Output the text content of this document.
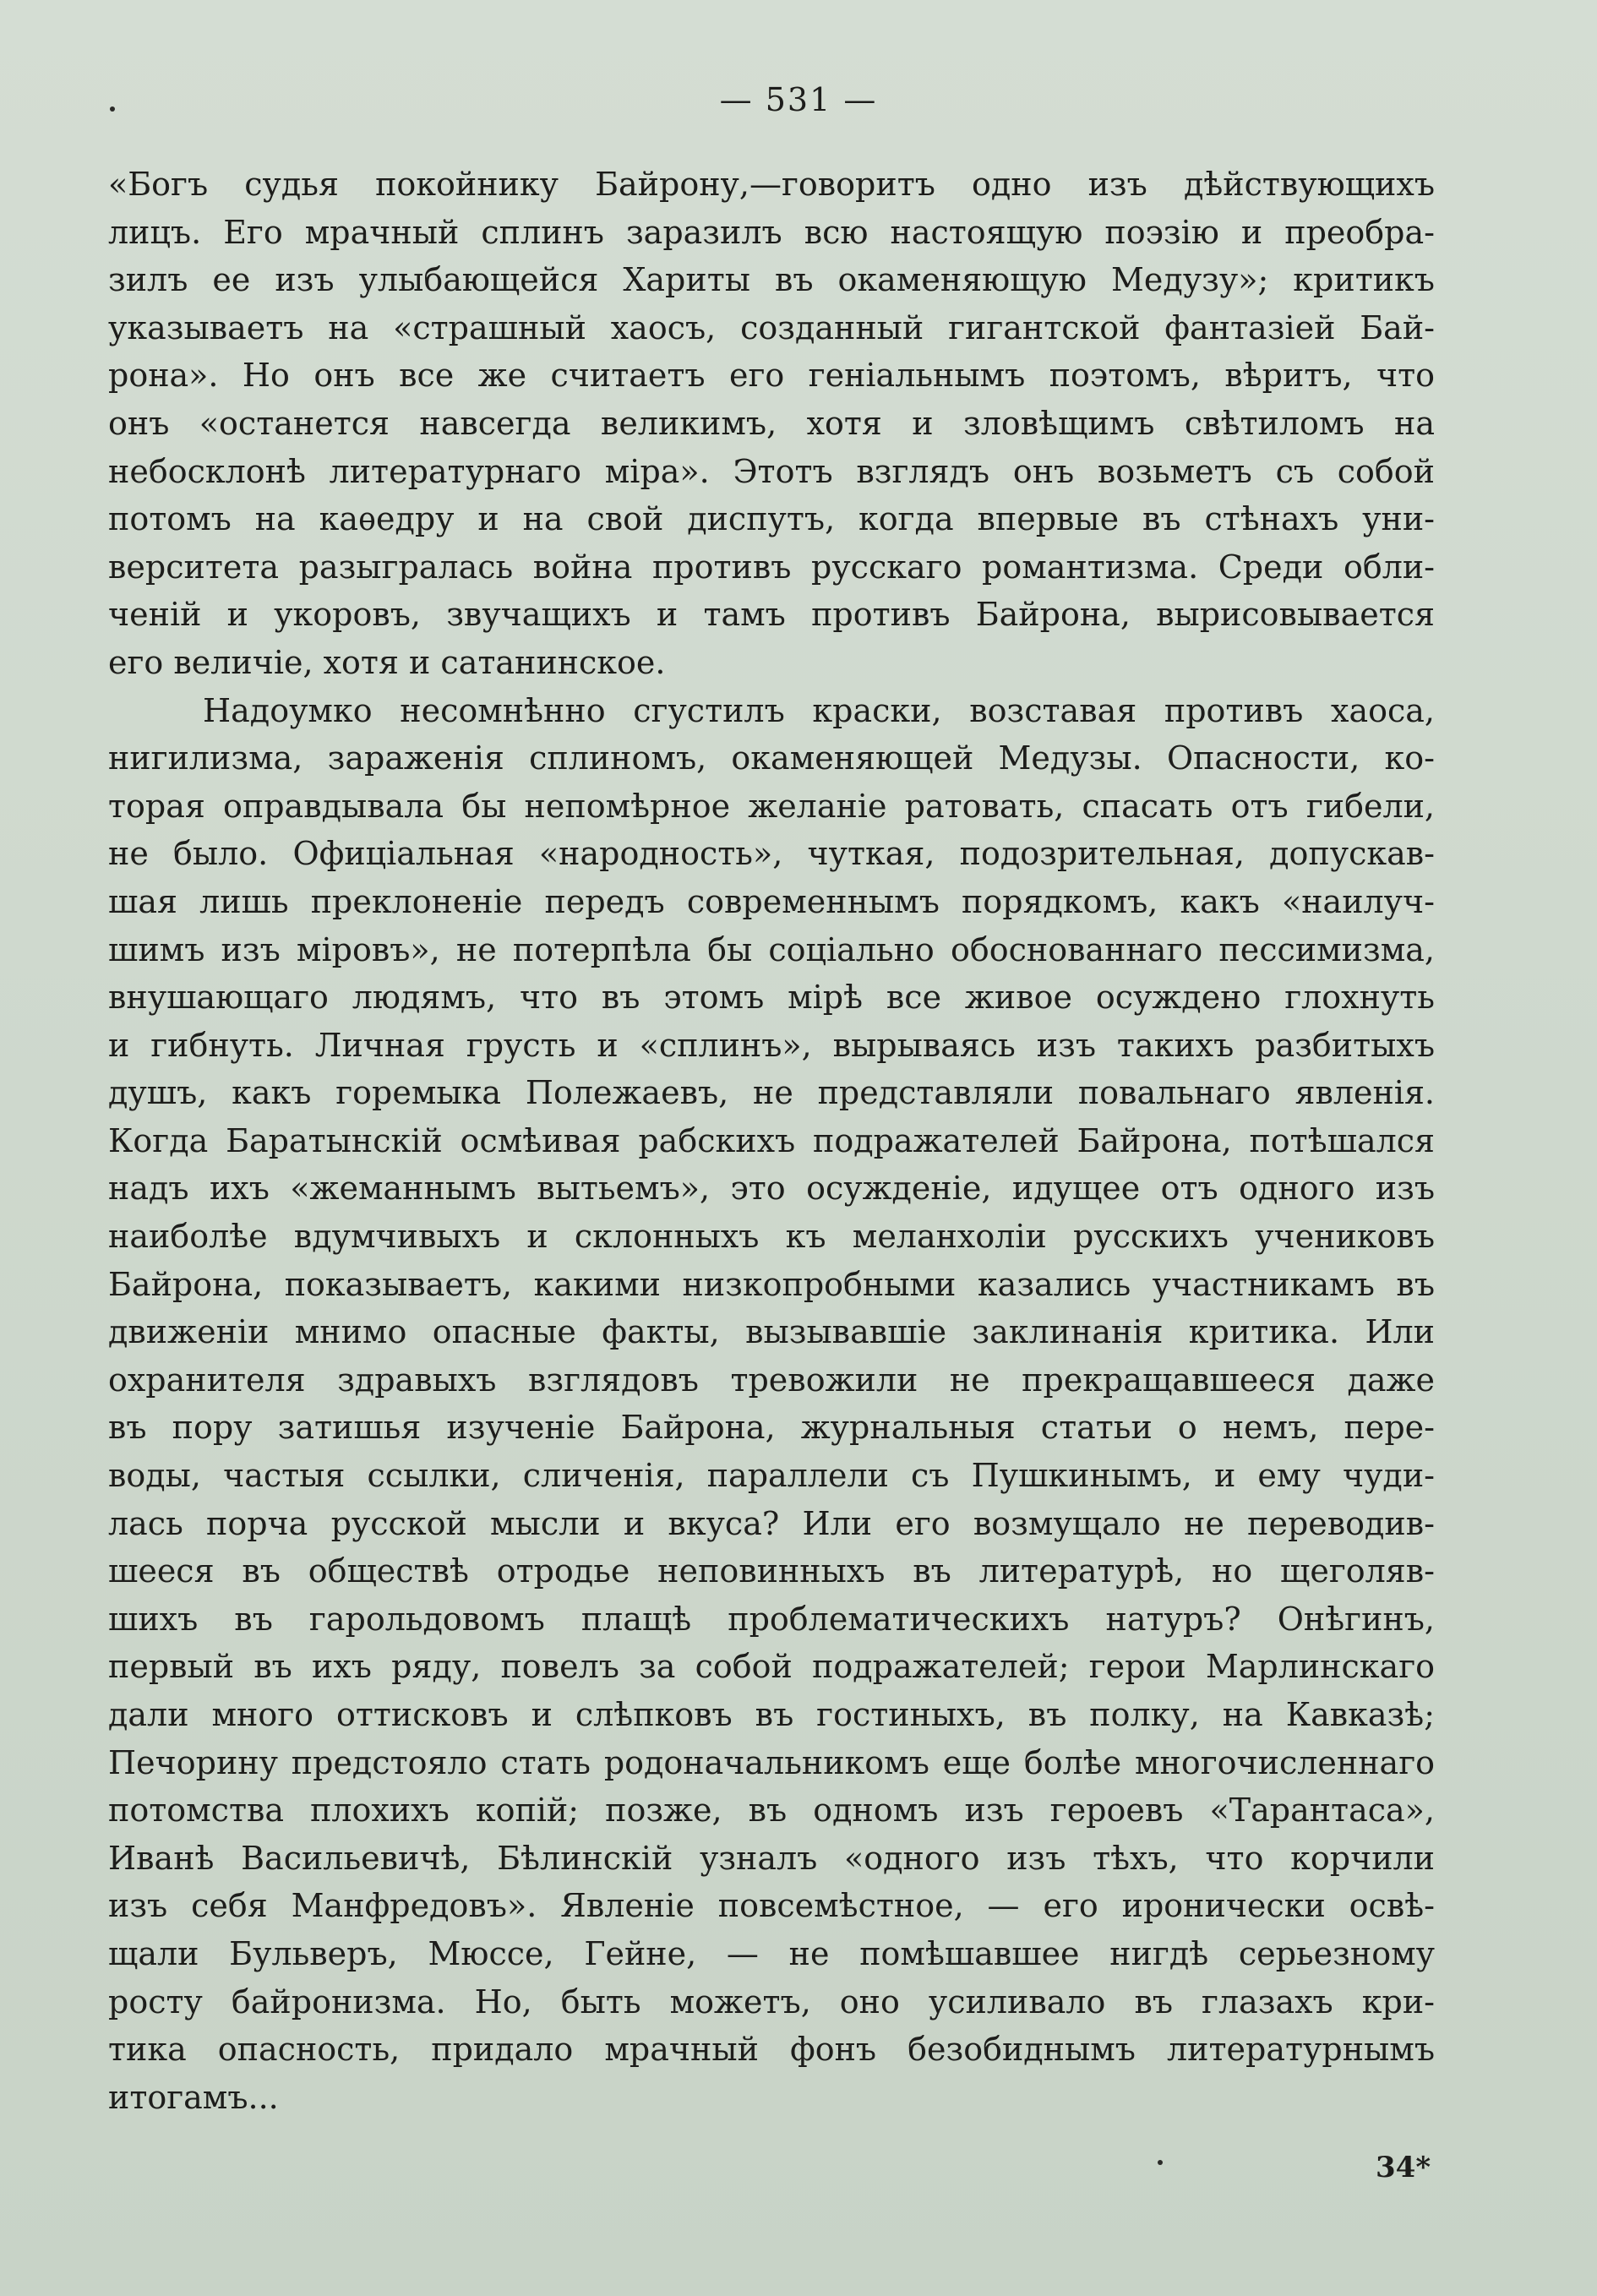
— 531 —
«Богъ судья покойнику Байрону,—говоритъ одно изъ дѣйствующихъ
лицъ. Его мрачный сплинъ заразилъ всю настоящую поэзію и преобра-
зилъ ее изъ улыбающейся Хариты въ окаменяющую Медузу»; критикъ
указываетъ на «страшный хаосъ, созданный гигантской фантазіей Бай-
рона». Но онъ все же считаетъ его геніальнымъ поэтомъ, вѣритъ, что
онъ «останется навсегда великимъ, хотя и зловѣщимъ свѣтиломъ на
небосклонѣ литературнаго міра». Этотъ взглядъ онъ возьметъ съ собой
потомъ на каѳедру и на свой диспутъ, когда впервые въ стѣнахъ уни-
верситета разыгралась война противъ русскаго романтизма. Среди обли-
ченій и укоровъ, звучащихъ и тамъ противъ Байрона, вырисовывается
его величіе, хотя и сатанинское.
Надоумко несомнѣнно сгустилъ краски, возставая противъ хаоса,
нигилизма, зараженія сплиномъ, окаменяющей Медузы. Опасности, ко-
торая оправдывала бы непомѣрное желаніе ратовать, спасать отъ гибели,
не было. Офиціальная «народность», чуткая, подозрительная, допускав-
шая лишь преклоненіе передъ современнымъ порядкомъ, какъ «наилуч-
шимъ изъ міровъ», не потерпѣла бы соціально обоснованнаго пессимизма,
внушающаго людямъ, что въ этомъ мірѣ все живое осуждено глохнуть
и гибнуть. Личная грусть и «сплинъ», вырываясь изъ такихъ разбитыхъ
душъ, какъ горемыка Полежаевъ, не представляли повальнаго явленія.
Когда Баратынскій осмѣивая рабскихъ подражателей Байрона, потѣшался
надъ ихъ «жеманнымъ вытьемъ», это осужденіе, идущее отъ одного изъ
наиболѣе вдумчивыхъ и склонныхъ къ меланхоліи русскихъ учениковъ
Байрона, показываетъ, какими низкопробными казались участникамъ въ
движеніи мнимо опасные факты, вызывавшіе заклинанія критика. Или
охранителя здравыхъ взглядовъ тревожили не прекращавшееся даже
въ пору затишья изученіе Байрона, журнальныя статьи о немъ, пере-
воды, частыя ссылки, сличенія, параллели съ Пушкинымъ, и ему чуди-
лась порча русской мысли и вкуса? Или его возмущало не переводив-
шееся въ обществѣ отродье неповинныхъ въ литературѣ, но щеголяв-
шихъ въ гарольдовомъ плащѣ проблематическихъ натуръ? Онѣгинъ,
первый въ ихъ ряду, повелъ за собой подражателей; герои Марлинскаго
дали много оттисковъ и слѣпковъ въ гостиныхъ, въ полку, на Кавказѣ;
Печорину предстояло стать родоначальникомъ еще болѣе многочисленнаго
потомства плохихъ копій; позже, въ одномъ изъ героевъ «Тарантаса»,
Иванѣ Васильевичѣ, Бѣлинскій узналъ «одного изъ тѣхъ, что корчили
изъ себя Манфредовъ». Явленіе повсемѣстное, — его иронически освѣ-
щали Бульверъ, Мюссе, Гейне, — не помѣшавшее нигдѣ серьезному
росту байронизма. Но, быть можетъ, оно усиливало въ глазахъ кри-
тика опасность, придало мрачный фонъ безобиднымъ литературнымъ
итогамъ...
34*
